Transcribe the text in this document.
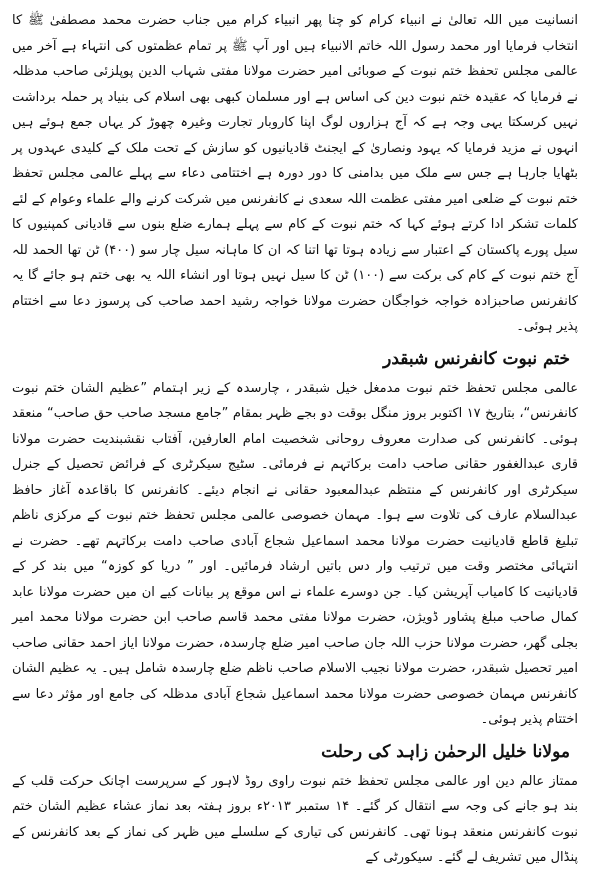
انسانیت میں اللہ تعالیٰ نے انبیاء کرام کو چنا پھر انبیاء کرام میں جناب حضرت محمد مصطفیٰ ﷺ کا انتخاب فرمایا اور محمد رسول اللہ خاتم الانبیاء ہیں اور آپ ﷺ پر تمام عظمتوں کی انتہاء ہے آخر میں عالمی مجلس تحفظ ختم نبوت کے صوبائی امیر حضرت مولانا مفتی شہاب الدین پوپلزئی صاحب مدظلہ نے فرمایا کہ عقیدہ ختم نبوت دین کی اساس ہے اور مسلمان کبھی بھی اسلام کی بنیاد پر حملہ برداشت نہیں کرسکتا یہی وجہ ہے کہ آج ہزاروں لوگ اپنا کاروبار تجارت وغیرہ چھوڑ کر یہاں جمع ہوئے ہیں انہوں نے مزید فرمایا کہ یہود ونصاریٰ کے ایجنٹ قادیانیوں کو سازش کے تحت ملک کے کلیدی عہدوں پر بٹھایا جارہا ہے جس سے ملک میں بدامنی کا دور دورہ ہے اختتامی دعاء سے پہلے عالمی مجلس تحفظ ختم نبوت کے ضلعی امیر مفتی عظمت اللہ سعدی نے کانفرنس میں شرکت کرنے والے علماء وعوام کے لئے کلمات تشکر ادا کرتے ہوئے کہا کہ ختم نبوت کے کام سے پہلے ہمارے ضلع بنوں سے قادیانی کمپنیوں کا سیل پورے پاکستان کے اعتبار سے زیادہ ہوتا تھا اتنا کہ ان کا ماہانہ سیل چار سو (۴۰۰) ٹن تھا الحمد للہ آج ختم نبوت کے کام کی برکت سے (۱۰۰) ٹن کا سیل نہیں ہوتا اور انشاء اللہ یہ بھی ختم ہو جائے گا یہ کانفرنس صاحبزادہ خواجہ خواجگان حضرت مولانا خواجہ رشید احمد صاحب کی پرسوز دعا سے اختتام پذیر ہوئی۔

ختم نبوت کانفرنس شبقدر

عالمی مجلس تحفظ ختم نبوت مدمغل خیل شبقدر ، چارسدہ کے زیر اہتمام ”عظیم الشان ختم نبوت کانفرنس“، بتاریخ ۱۷ اکتوبر بروز منگل بوقت دو بجے ظہر بمقام ”جامع مسجد صاحب حق صاحب“ منعقد ہوئی۔ کانفرنس کی صدارت معروف روحانی شخصیت امام العارفین، آفتاب نقشبندیت حضرت مولانا قاری عبدالغفور حقانی صاحب دامت برکاتہم نے فرمائی۔ سٹیج سیکرٹری کے فرائض تحصیل کے جنرل سیکرٹری اور کانفرنس کے منتظم عبدالمعبود حقانی نے انجام دیئے۔ کانفرنس کا باقاعدہ آغاز حافظ عبدالسلام عارف کی تلاوت سے ہوا۔ مہمان خصوصی عالمی مجلس تحفظ ختم نبوت کے مرکزی ناظم تبلیغ قاطع قادیانیت حضرت مولانا محمد اسماعیل شجاع آبادی صاحب دامت برکاتہم تھے۔ حضرت نے انتہائی مختصر وقت میں ترتیب وار دس باتیں ارشاد فرمائیں۔ اور ” دریا کو کوزہ“ میں بند کر کے قادیانیت کا کامیاب آپریشن کیا۔ جن دوسرے علماء نے اس موقع پر بیانات کیے ان میں حضرت مولانا عابد کمال صاحب مبلغ پشاور ڈویژن، حضرت مولانا مفتی محمد قاسم صاحب ابن حضرت مولانا محمد امیر بجلی گھر، حضرت مولانا حزب اللہ جان صاحب امیر ضلع چارسدہ، حضرت مولانا ایاز احمد حقانی صاحب امیر تحصیل شبقدر، حضرت مولانا نجیب الاسلام صاحب ناظم ضلع چارسدہ شامل ہیں۔ یہ عظیم الشان کانفرنس مہمان خصوصی حضرت مولانا محمد اسماعیل شجاع آبادی مدظلہ کی جامع اور مؤثر دعا سے اختتام پذیر ہوئی۔

مولانا خلیل الرحمٰن زاہد کی رحلت

ممتاز عالم دین اور عالمی مجلس تحفظ ختم نبوت راوی روڈ لاہور کے سرپرست اچانک حرکت قلب کے بند ہو جانے کی وجہ سے انتقال کر گئے۔ ۱۴ ستمبر ۲۰۱۳ء بروز ہفتہ بعد نماز عشاء عظیم الشان ختم نبوت کانفرنس منعقد ہونا تھی۔ کانفرنس کی تیاری کے سلسلے میں ظہر کی نماز کے بعد کانفرنس کے پنڈال میں تشریف لے گئے۔ سیکورٹی کے
